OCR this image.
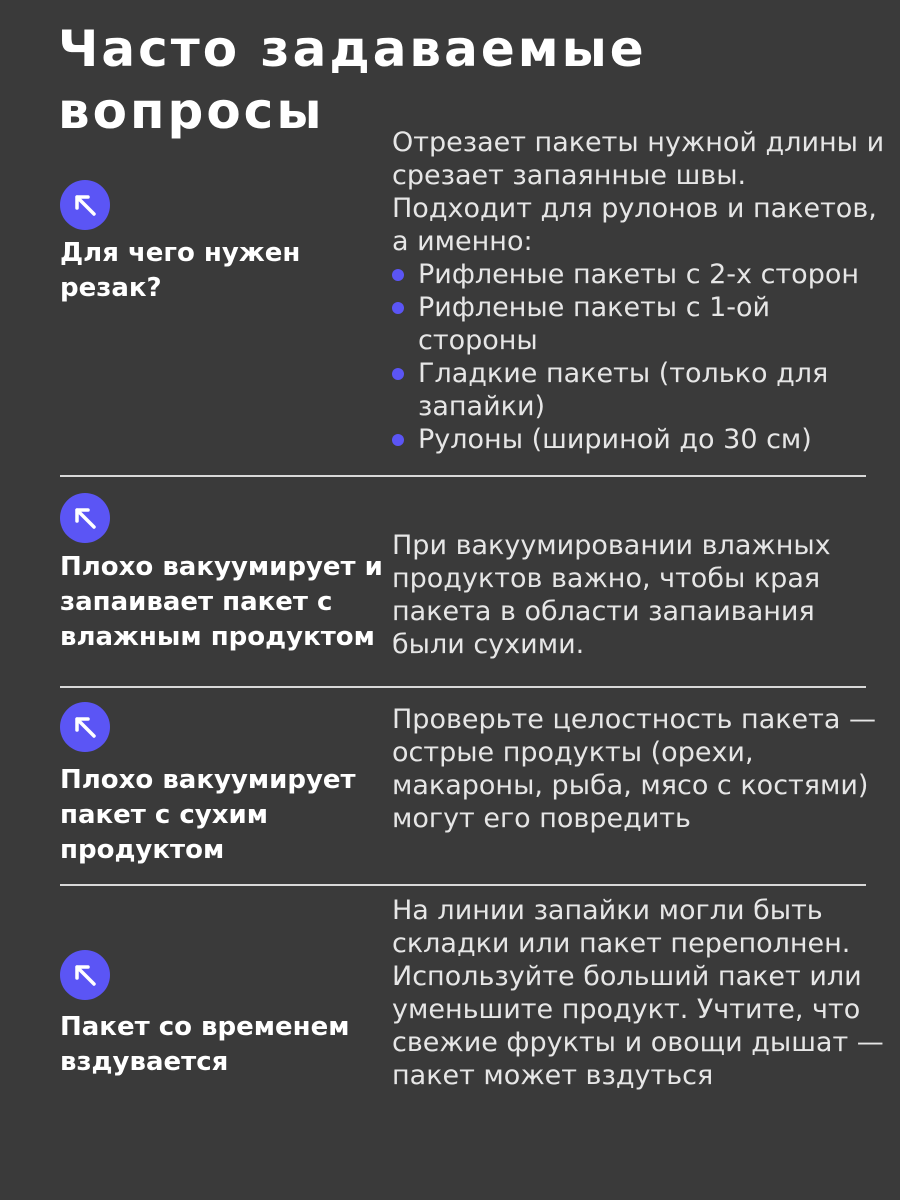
Часто задаваемые вопросы

Для чего нужен резак?

Отрезает пакеты нужной длины и срезает запаянные швы. Подходит для рулонов и пакетов, а именно:
Рифленые пакеты с 2-х сторон
Рифленые пакеты с 1-ой стороны
Гладкие пакеты (только для запайки)
Рулоны (шириной до 30 см)

Плохо вакуумирует и запаивает пакет с влажным продуктом

При вакуумировании влажных продуктов важно, чтобы края пакета в области запаивания были сухими.

Плохо вакуумирует пакет с сухим продуктом

Проверьте целостность пакета — острые продукты (орехи, макароны, рыба, мясо с костями) могут его повредить

Пакет со временем вздувается

На линии запайки могли быть складки или пакет переполнен. Используйте больший пакет или уменьшите продукт. Учтите, что свежие фрукты и овощи дышат — пакет может вздуться
